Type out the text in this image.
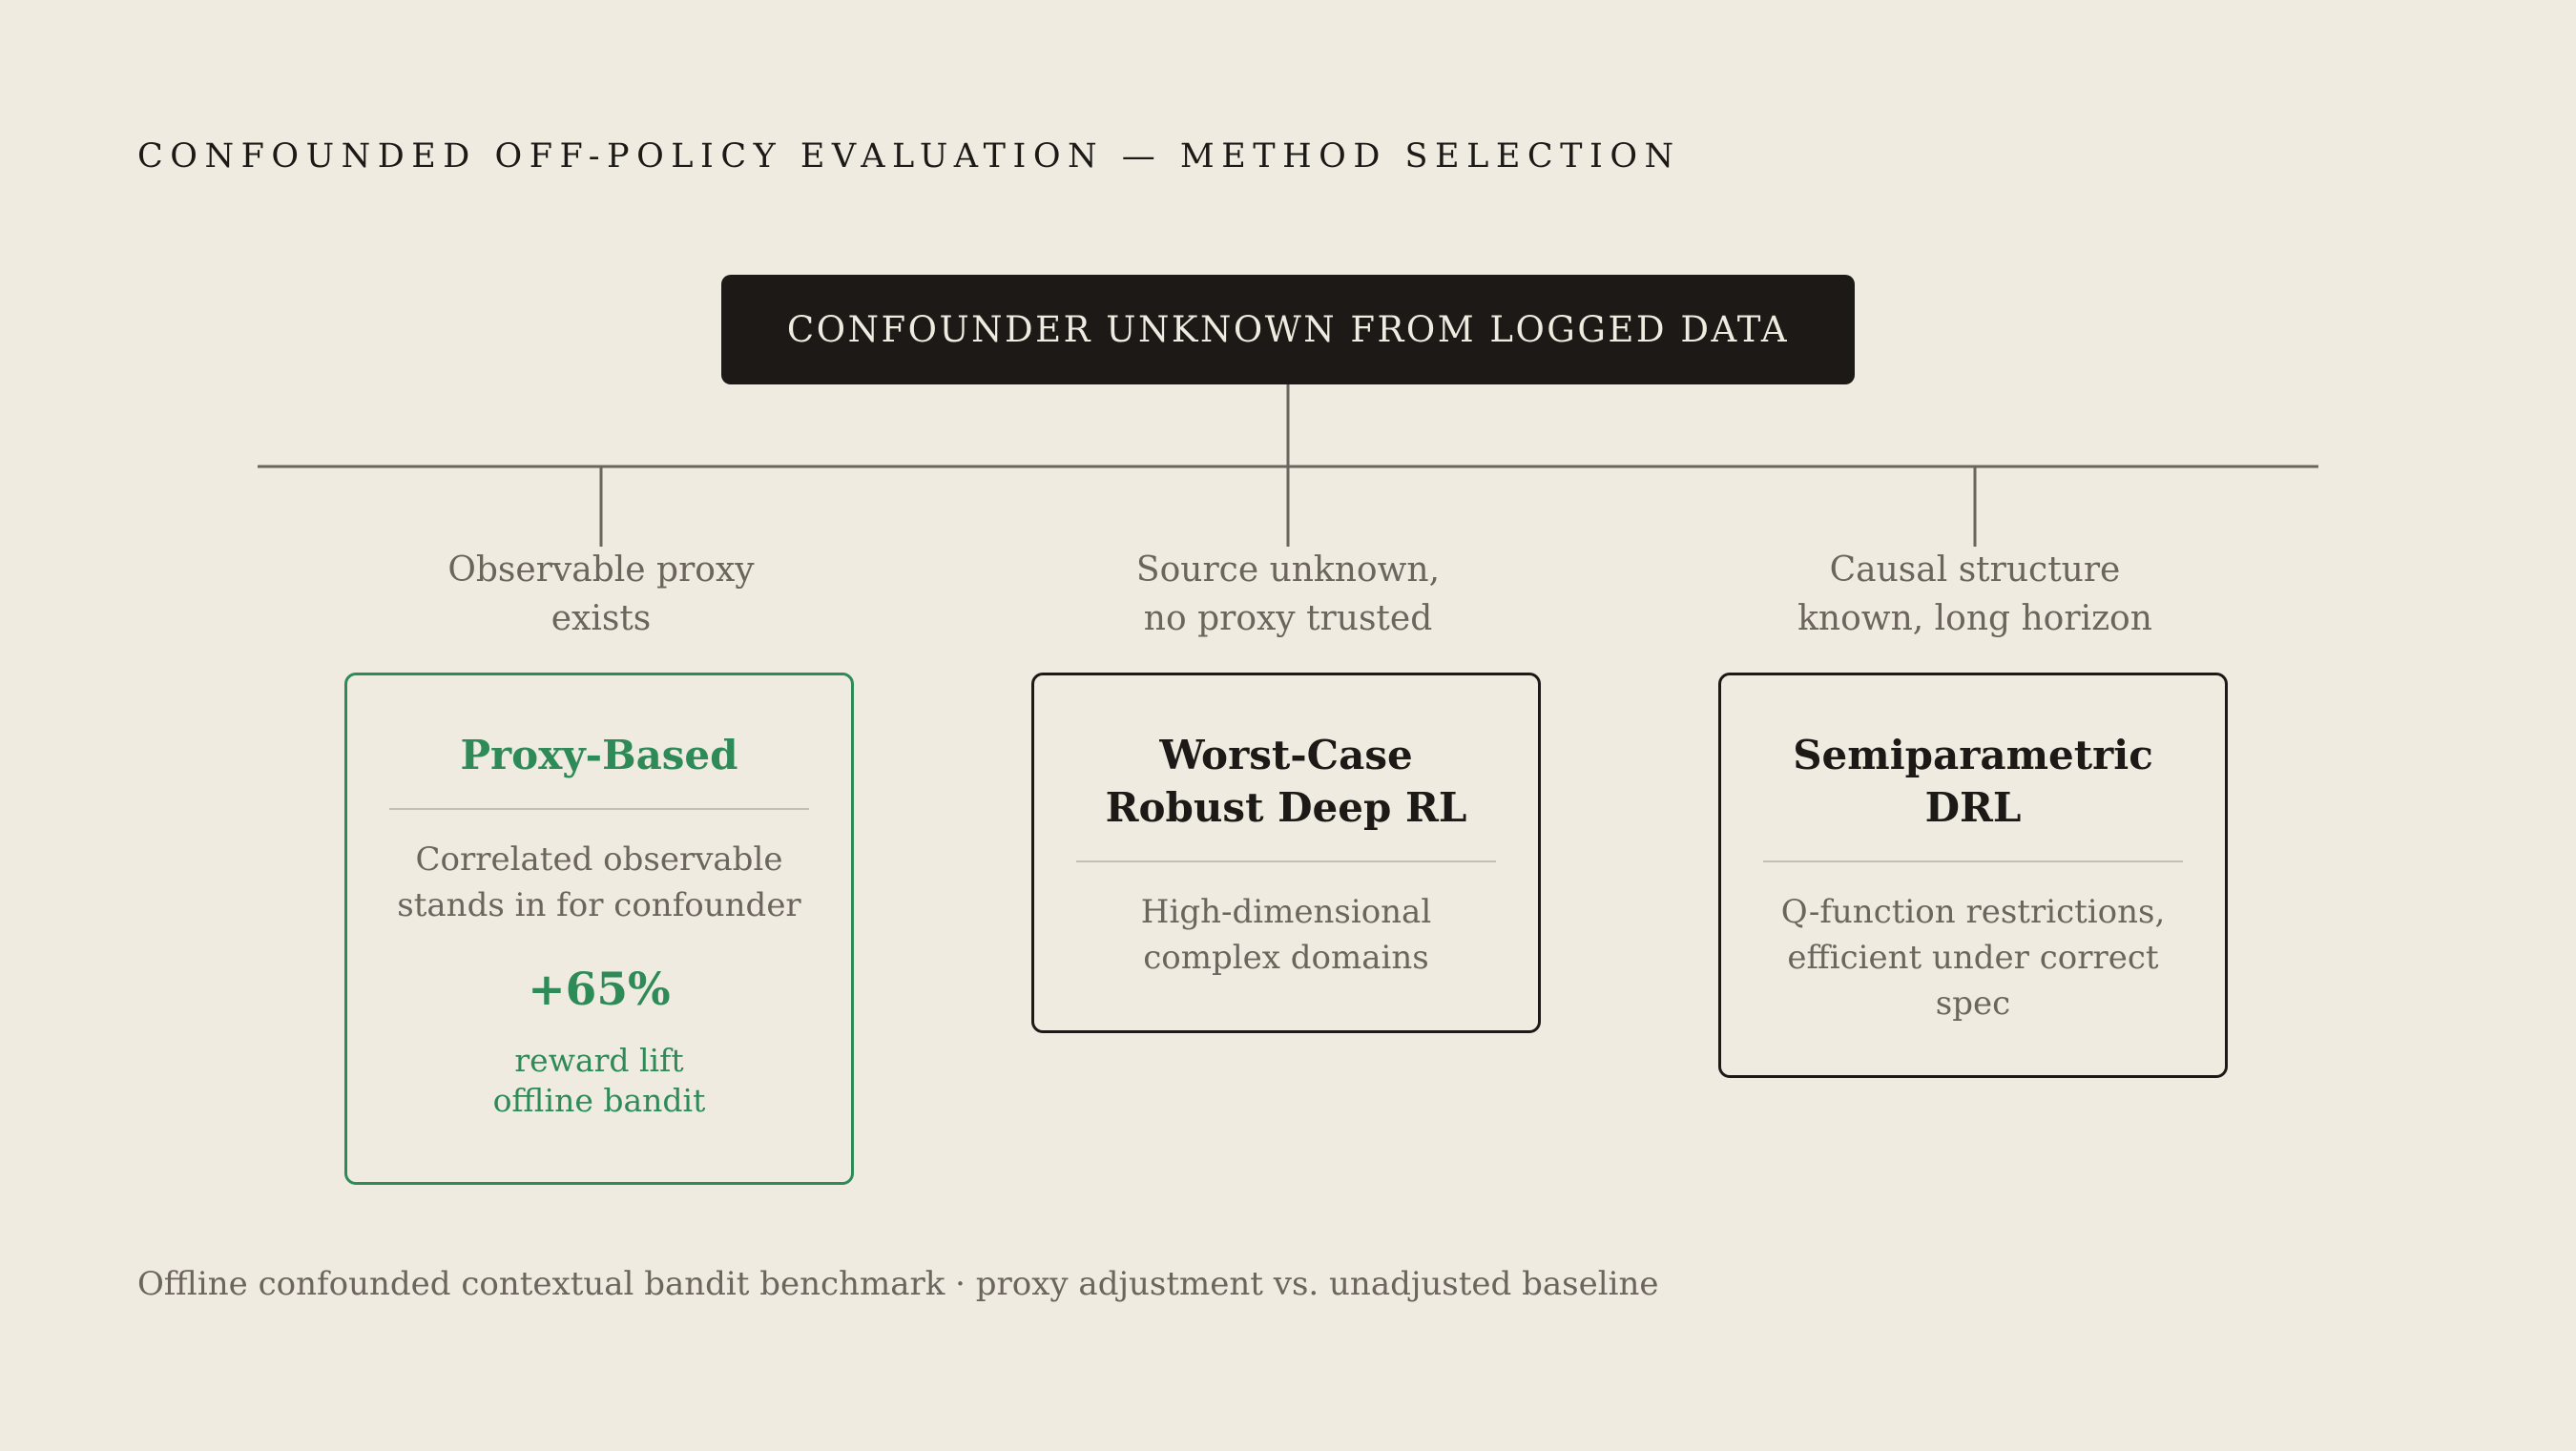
CONFOUNDED OFF-POLICY EVALUATION — METHOD SELECTION
CONFOUNDER UNKNOWN FROM LOGGED DATA
Observable proxy
exists
Source unknown,
no proxy trusted
Causal structure
known, long horizon
Proxy-Based
Correlated observable
stands in for confounder
+65%
reward lift
offline bandit
Worst-Case
Robust Deep RL
High-dimensional
complex domains
Semiparametric
DRL
Q-function restrictions,
efficient under correct
spec
Offline confounded contextual bandit benchmark · proxy adjustment vs. unadjusted baseline
